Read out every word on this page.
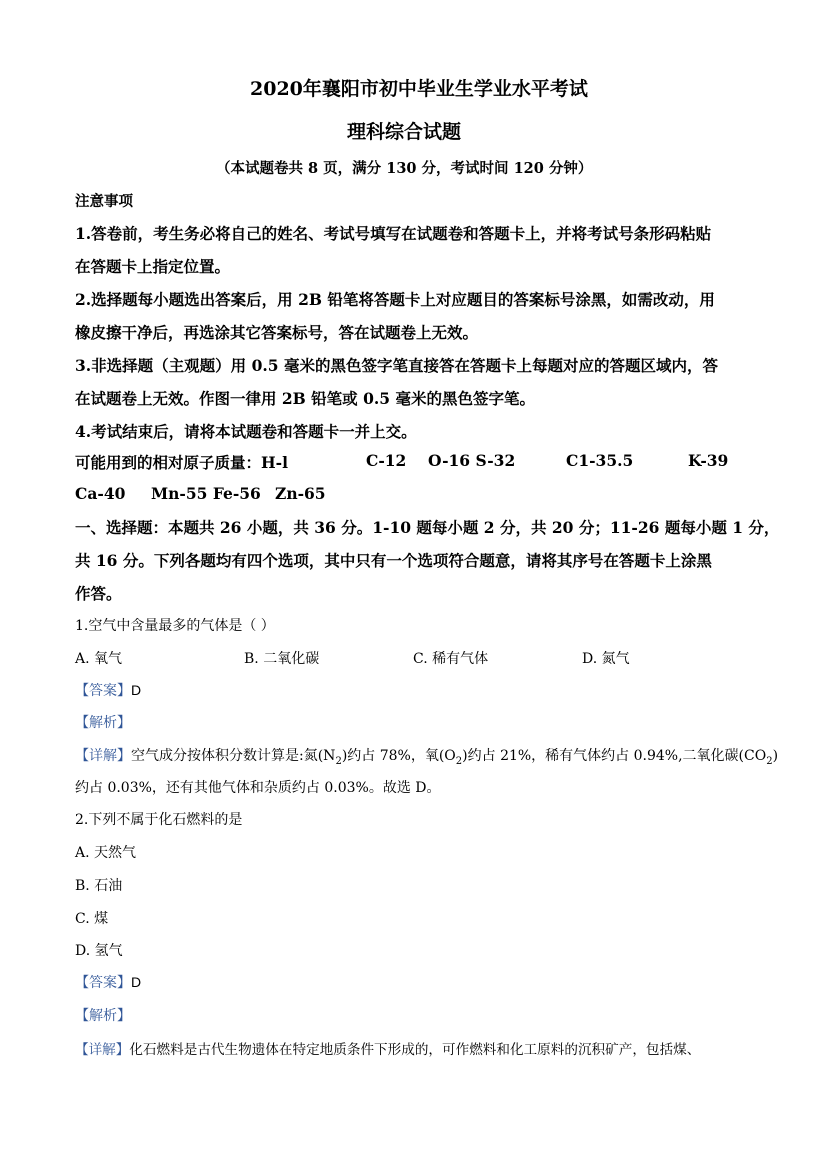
2020年襄阳市初中毕业生学业水平考试
理科综合试题
（本试题卷共 8 页，满分 130 分，考试时间 120 分钟）
注意事项
1.答卷前，考生务必将自己的姓名、考试号填写在试题卷和答题卡上，并将考试号条形码粘贴
在答题卡上指定位置。
2.选择题每小题选出答案后，用 2B 铅笔将答题卡上对应题目的答案标号涂黑，如需改动，用
橡皮擦干净后，再选涂其它答案标号，答在试题卷上无效。
3.非选择题（主观题）用 0.5 毫米的黑色签字笔直接答在答题卡上每题对应的答题区域内，答
在试题卷上无效。作图一律用 2B 铅笔或 0.5 毫米的黑色签字笔。
4.考试结束后，请将本试题卷和答题卡一并上交。
可能用到的相对原子质量：H-l	C-12 O-16 S-32	C1-35.5	K-39
Ca-40 Mn-55 Fe-56 Zn-65
一、选择题：本题共 26 小题，共 36 分。1-10 题每小题 2 分，共 20 分；11-26 题每小题 1 分，
共 16 分。下列各题均有四个选项，其中只有一个选项符合题意，请将其序号在答题卡上涂黑
作答。
1.空气中含量最多的气体是（ ）
A. 氧气	B. 二氧化碳	C. 稀有气体	D. 氮气
【答案】D
【解析】
【详解】空气成分按体积分数计算是:氮$(N_2)$约占 78%，氧$(O_2)$约占 21%，稀有气体约占 0.94%,二氧化碳$(CO_2)$
约占 0.03%，还有其他气体和杂质约占 0.03%。故选 D。
2.下列不属于化石燃料的是
A. 天然气
B. 石油
C. 煤
D. 氢气
【答案】D
【解析】
【详解】化石燃料是古代生物遗体在特定地质条件下形成的，可作燃料和化工原料的沉积矿产，包括煤、
